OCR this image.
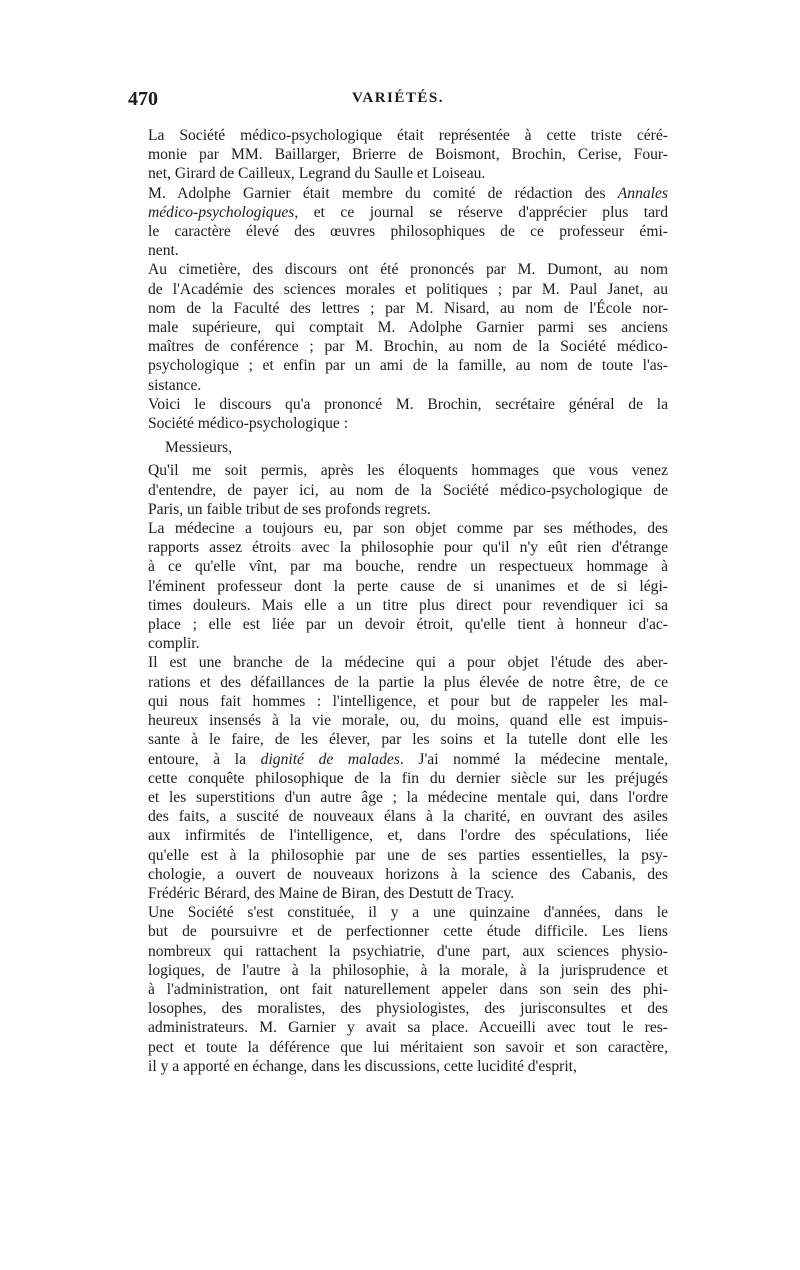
470	VARIÉTÉS.

La Société médico-psychologique était représentée à cette triste céré-
monie par MM. Baillarger, Brierre de Boismont, Brochin, Cerise, Four-
net, Girard de Cailleux, Legrand du Saulle et Loiseau.

M. Adolphe Garnier était membre du comité de rédaction des Annales
médico-psychologiques, et ce journal se réserve d'apprécier plus tard
le caractère élevé des œuvres philosophiques de ce professeur émi-
nent.

Au cimetière, des discours ont été prononcés par M. Dumont, au nom
de l'Académie des sciences morales et politiques ; par M. Paul Janet, au
nom de la Faculté des lettres ; par M. Nisard, au nom de l'École nor-
male supérieure, qui comptait M. Adolphe Garnier parmi ses anciens
maîtres de conférence ; par M. Brochin, au nom de la Société médico-
psychologique ; et enfin par un ami de la famille, au nom de toute l'as-
sistance.

Voici le discours qu'a prononcé M. Brochin, secrétaire général de la
Société médico-psychologique :

Messieurs,

Qu'il me soit permis, après les éloquents hommages que vous venez
d'entendre, de payer ici, au nom de la Société médico-psychologique de
Paris, un faible tribut de ses profonds regrets.

La médecine a toujours eu, par son objet comme par ses méthodes, des
rapports assez étroits avec la philosophie pour qu'il n'y eût rien d'étrange
à ce qu'elle vînt, par ma bouche, rendre un respectueux hommage à
l'éminent professeur dont la perte cause de si unanimes et de si légi-
times douleurs. Mais elle a un titre plus direct pour revendiquer ici sa
place ; elle est liée par un devoir étroit, qu'elle tient à honneur d'ac-
complir.

Il est une branche de la médecine qui a pour objet l'étude des aber-
rations et des défaillances de la partie la plus élevée de notre être, de ce
qui nous fait hommes : l'intelligence, et pour but de rappeler les mal-
heureux insensés à la vie morale, ou, du moins, quand elle est impuis-
sante à le faire, de les élever, par les soins et la tutelle dont elle les
entoure, à la dignité de malades. J'ai nommé la médecine mentale,
cette conquête philosophique de la fin du dernier siècle sur les préjugés
et les superstitions d'un autre âge ; la médecine mentale qui, dans l'ordre
des faits, a suscité de nouveaux élans à la charité, en ouvrant des asiles
aux infirmités de l'intelligence, et, dans l'ordre des spéculations, liée
qu'elle est à la philosophie par une de ses parties essentielles, la psy-
chologie, a ouvert de nouveaux horizons à la science des Cabanis, des
Frédéric Bérard, des Maine de Biran, des Destutt de Tracy.

Une Société s'est constituée, il y a une quinzaine d'années, dans le
but de poursuivre et de perfectionner cette étude difficile. Les liens
nombreux qui rattachent la psychiatrie, d'une part, aux sciences physio-
logiques, de l'autre à la philosophie, à la morale, à la jurisprudence et
à l'administration, ont fait naturellement appeler dans son sein des phi-
losophes, des moralistes, des physiologistes, des jurisconsultes et des
administrateurs. M. Garnier y avait sa place. Accueilli avec tout le res-
pect et toute la déférence que lui méritaient son savoir et son caractère,
il y a apporté en échange, dans les discussions, cette lucidité d'esprit,
